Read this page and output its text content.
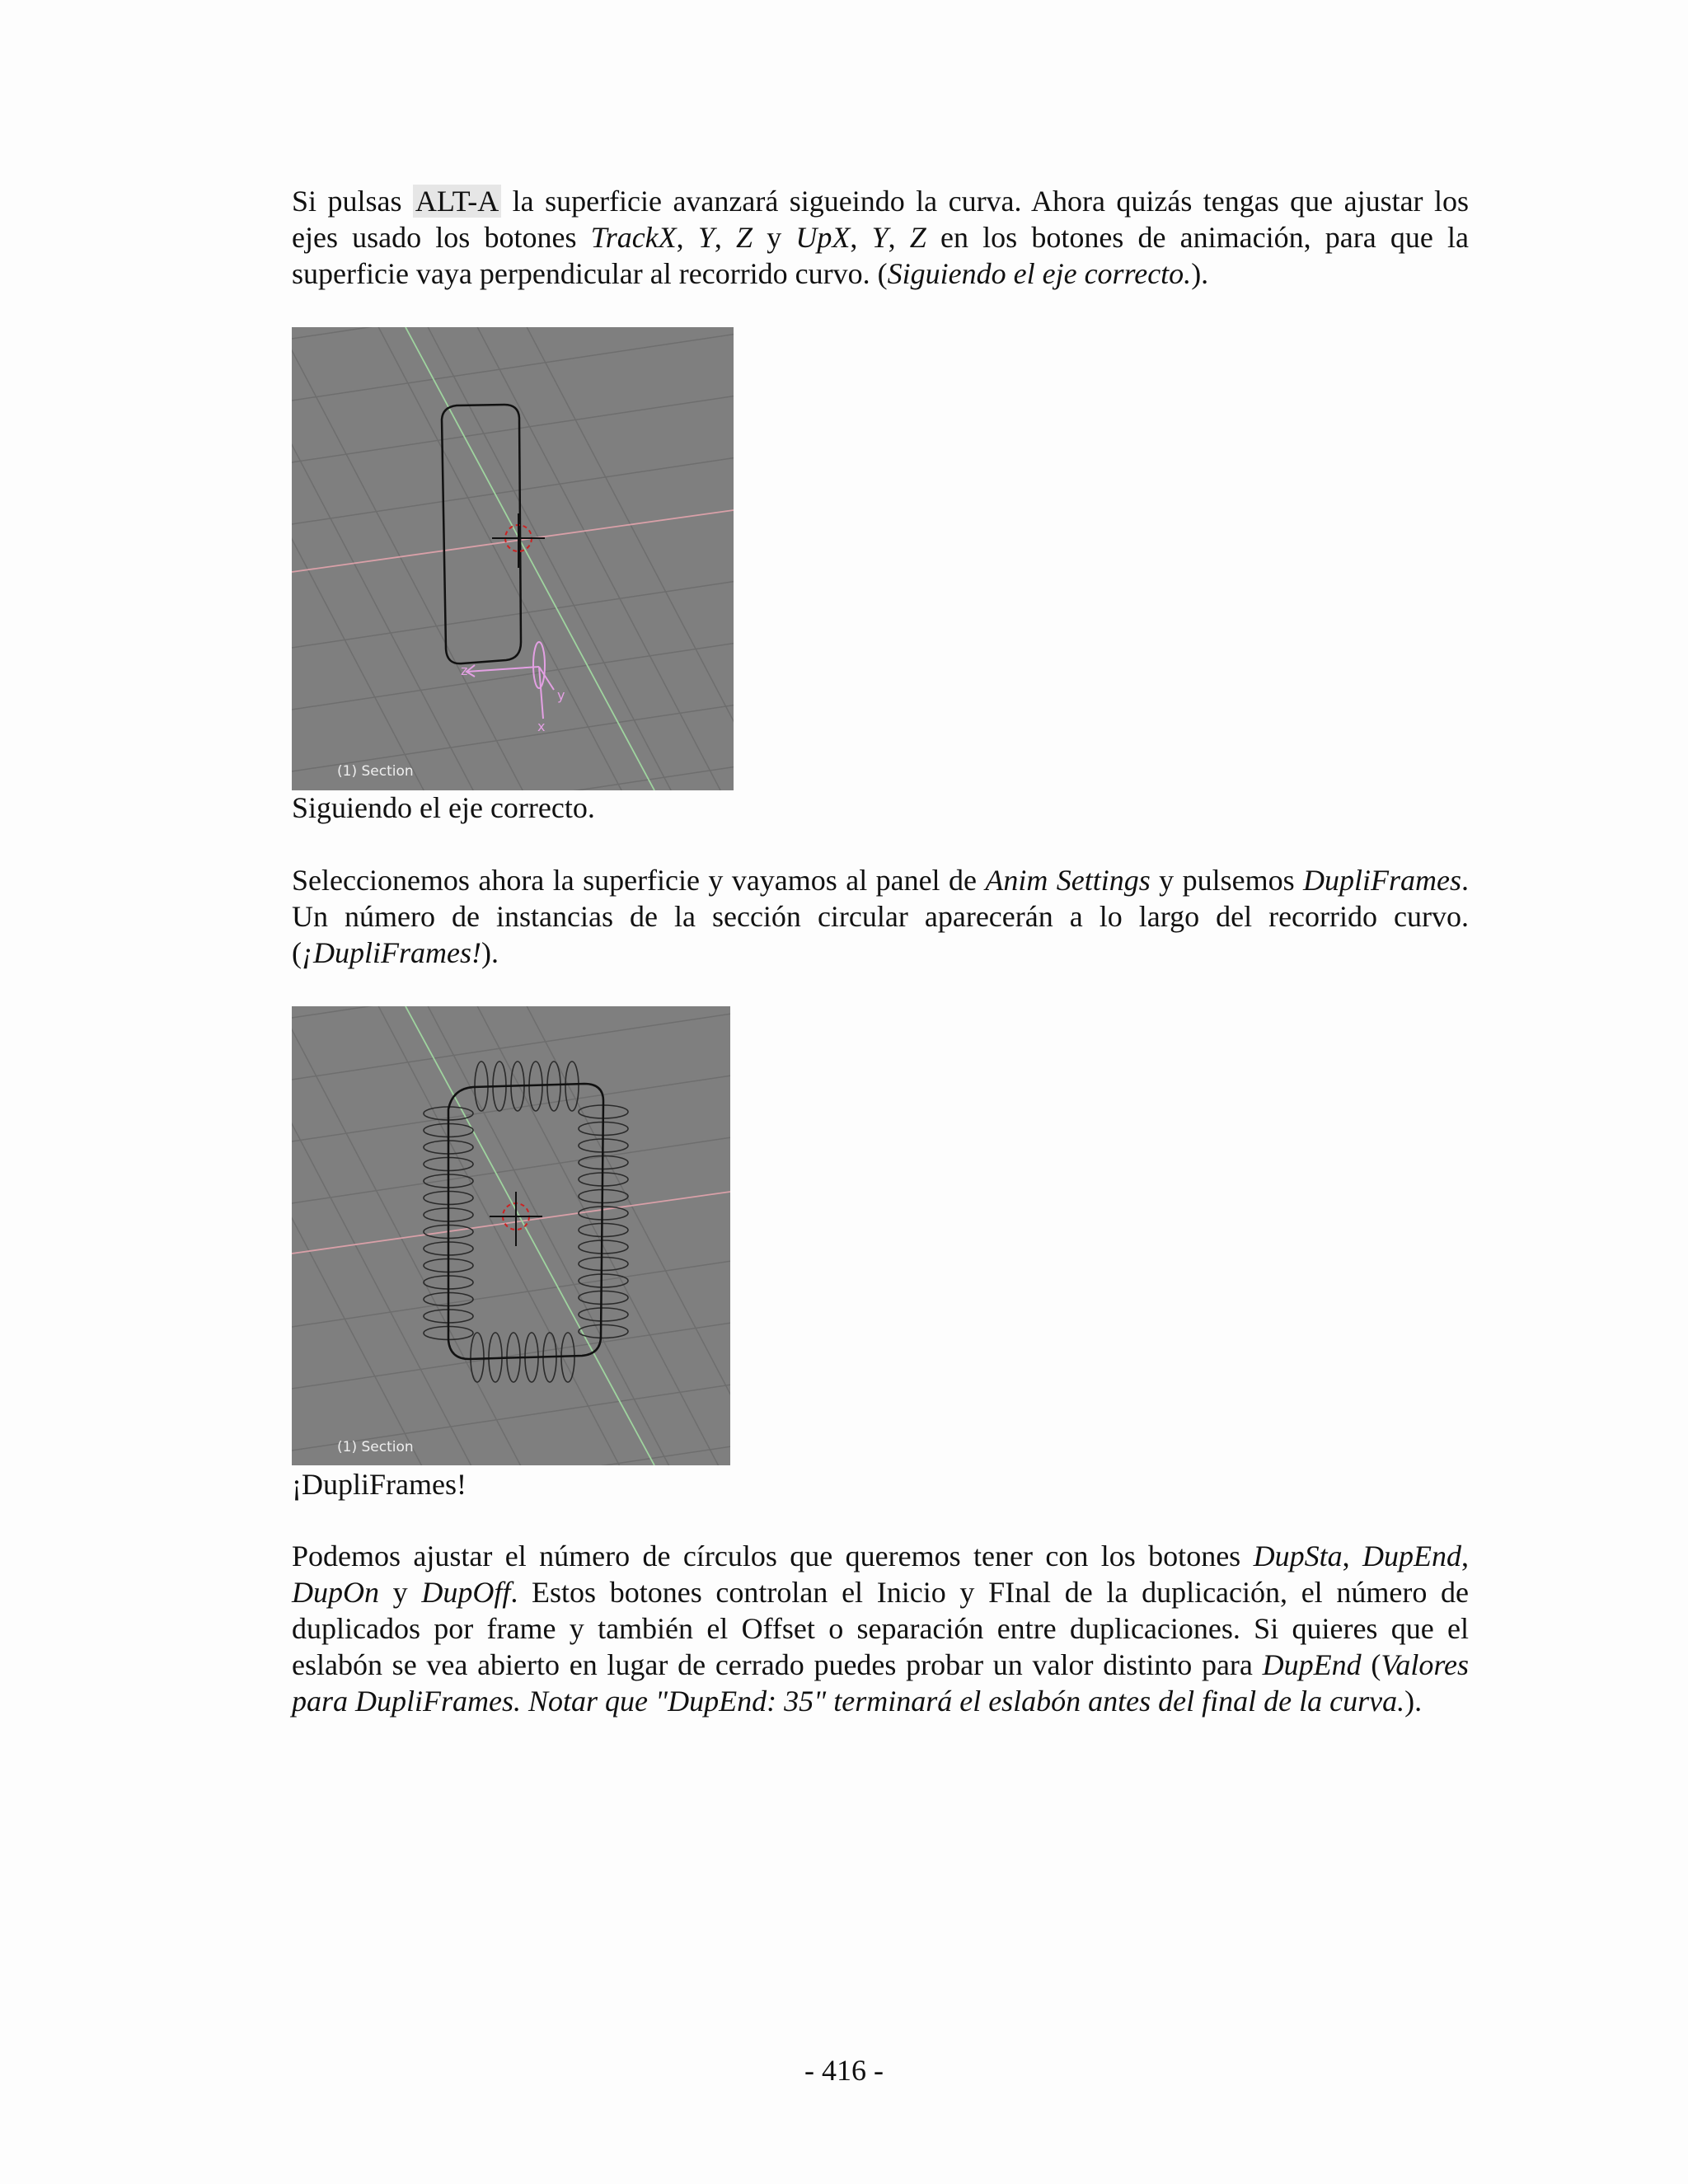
Si pulsas ALT-A la superficie avanzará sigueindo la curva. Ahora quizás tengas que ajustar los ejes usado los botones TrackX, Y, Z y UpX, Y, Z en los botones de animación, para que la superficie vaya perpendicular al recorrido curvo. (Siguiendo el eje correcto.).

z
y
x
(1) Section

Siguiendo el eje correcto.

Seleccionemos ahora la superficie y vayamos al panel de Anim Settings y pulsemos DupliFrames. Un número de instancias de la sección circular aparecerán a lo largo del recorrido curvo. (¡DupliFrames!).

(1) Section

¡DupliFrames!

Podemos ajustar el número de círculos que queremos tener con los botones DupSta, DupEnd, DupOn y DupOff. Estos botones controlan el Inicio y FInal de la duplicación, el número de duplicados por frame y también el Offset o separación entre duplicaciones. Si quieres que el eslabón se vea abierto en lugar de cerrado puedes probar un valor distinto para DupEnd (Valores para DupliFrames. Notar que "DupEnd: 35" terminará el eslabón antes del final de la curva.).

- 416 -
